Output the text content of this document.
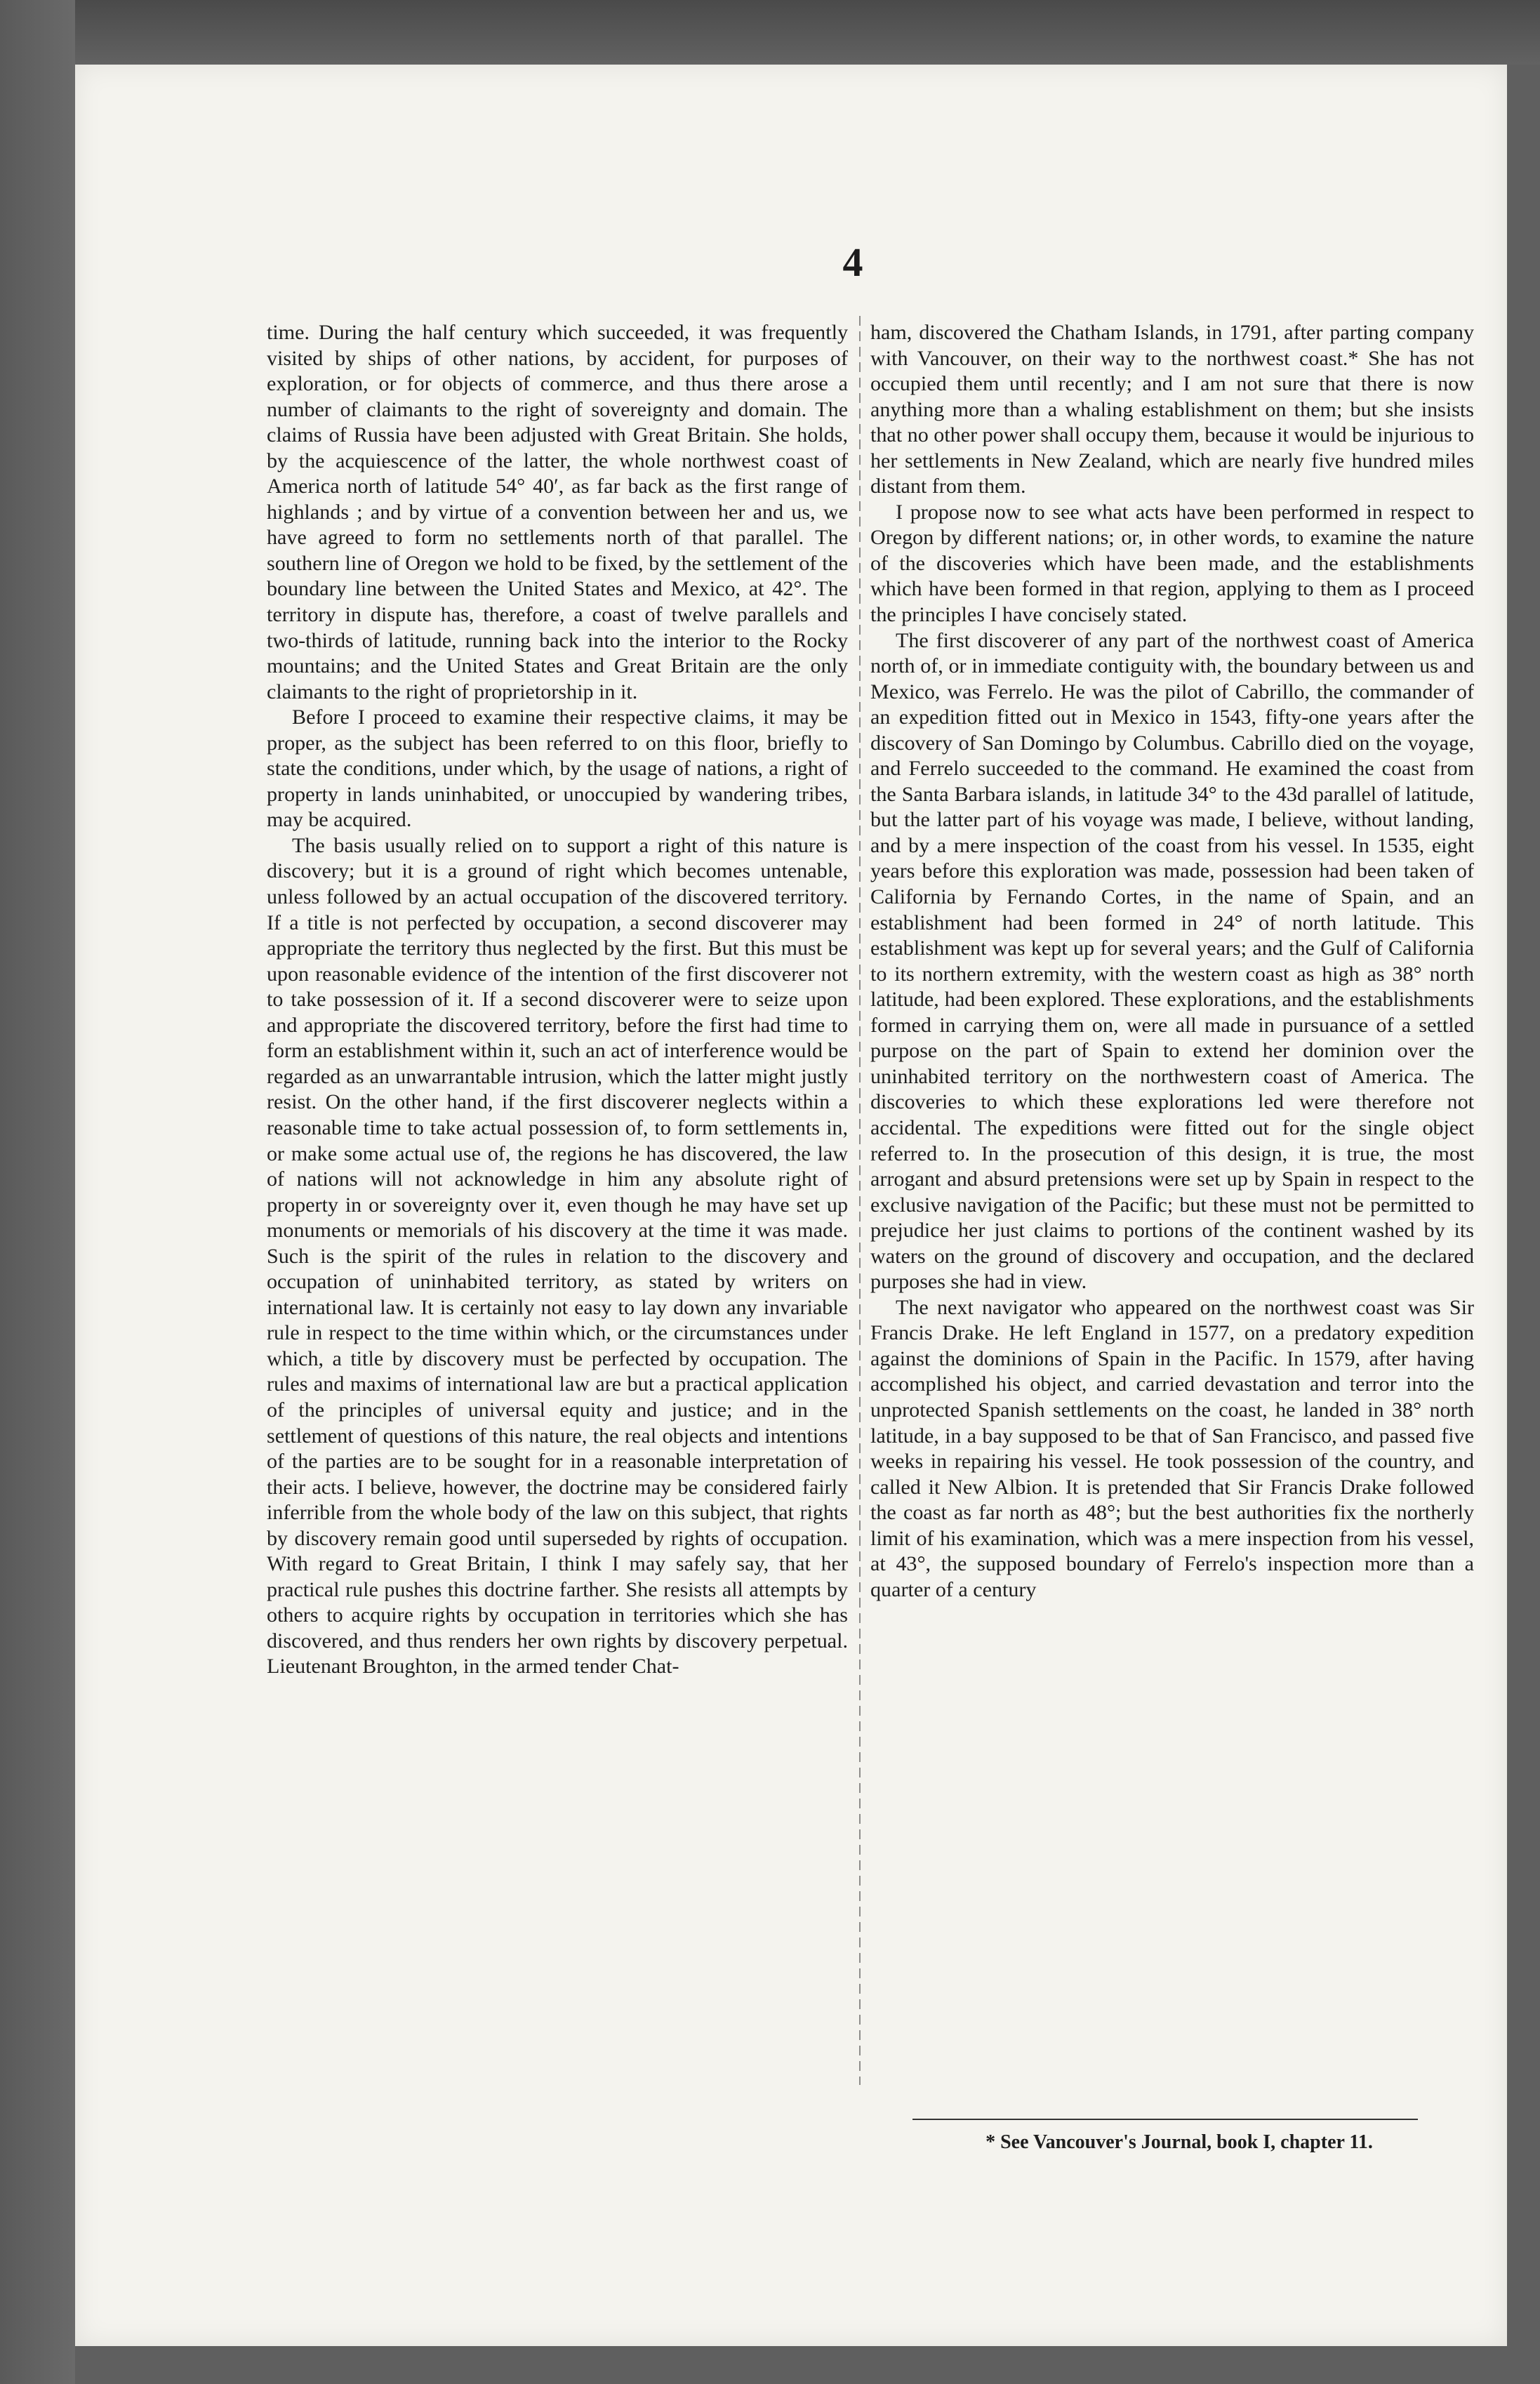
4

time. During the half century which succeeded, it was frequently visited by ships of other nations, by accident, for purposes of exploration, or for objects of commerce, and thus there arose a number of claimants to the right of sovereignty and domain. The claims of Russia have been adjusted with Great Britain. She holds, by the acquiescence of the latter, the whole northwest coast of America north of latitude 54° 40′, as far back as the first range of highlands ; and by virtue of a convention between her and us, we have agreed to form no settlements north of that parallel. The southern line of Oregon we hold to be fixed, by the settlement of the boundary line between the United States and Mexico, at 42°. The territory in dispute has, therefore, a coast of twelve parallels and two-thirds of latitude, running back into the interior to the Rocky mountains; and the United States and Great Britain are the only claimants to the right of proprietorship in it.

Before I proceed to examine their respective claims, it may be proper, as the subject has been referred to on this floor, briefly to state the conditions, under which, by the usage of nations, a right of property in lands uninhabited, or unoccupied by wandering tribes, may be acquired.

The basis usually relied on to support a right of this nature is discovery; but it is a ground of right which becomes untenable, unless followed by an actual occupation of the discovered territory. If a title is not perfected by occupation, a second discoverer may appropriate the territory thus neglected by the first. But this must be upon reasonable evidence of the intention of the first discoverer not to take possession of it. If a second discoverer were to seize upon and appropriate the discovered territory, before the first had time to form an establishment within it, such an act of interference would be regarded as an unwarrantable intrusion, which the latter might justly resist. On the other hand, if the first discoverer neglects within a reasonable time to take actual possession of, to form settlements in, or make some actual use of, the regions he has discovered, the law of nations will not acknowledge in him any absolute right of property in or sovereignty over it, even though he may have set up monuments or memorials of his discovery at the time it was made. Such is the spirit of the rules in relation to the discovery and occupation of uninhabited territory, as stated by writers on international law. It is certainly not easy to lay down any invariable rule in respect to the time within which, or the circumstances under which, a title by discovery must be perfected by occupation. The rules and maxims of international law are but a practical application of the principles of universal equity and justice; and in the settlement of questions of this nature, the real objects and intentions of the parties are to be sought for in a reasonable interpretation of their acts. I believe, however, the doctrine may be considered fairly inferrible from the whole body of the law on this subject, that rights by discovery remain good until superseded by rights of occupation. With regard to Great Britain, I think I may safely say, that her practical rule pushes this doctrine farther. She resists all attempts by others to acquire rights by occupation in territories which she has discovered, and thus renders her own rights by discovery perpetual. Lieutenant Broughton, in the armed tender Chat-

ham, discovered the Chatham Islands, in 1791, after parting company with Vancouver, on their way to the northwest coast.* She has not occupied them until recently; and I am not sure that there is now anything more than a whaling establishment on them; but she insists that no other power shall occupy them, because it would be injurious to her settlements in New Zealand, which are nearly five hundred miles distant from them.

I propose now to see what acts have been performed in respect to Oregon by different nations; or, in other words, to examine the nature of the discoveries which have been made, and the establishments which have been formed in that region, applying to them as I proceed the principles I have concisely stated.

The first discoverer of any part of the northwest coast of America north of, or in immediate contiguity with, the boundary between us and Mexico, was Ferrelo. He was the pilot of Cabrillo, the commander of an expedition fitted out in Mexico in 1543, fifty-one years after the discovery of San Domingo by Columbus. Cabrillo died on the voyage, and Ferrelo succeeded to the command. He examined the coast from the Santa Barbara islands, in latitude 34° to the 43d parallel of latitude, but the latter part of his voyage was made, I believe, without landing, and by a mere inspection of the coast from his vessel. In 1535, eight years before this exploration was made, possession had been taken of California by Fernando Cortes, in the name of Spain, and an establishment had been formed in 24° of north latitude. This establishment was kept up for several years; and the Gulf of California to its northern extremity, with the western coast as high as 38° north latitude, had been explored. These explorations, and the establishments formed in carrying them on, were all made in pursuance of a settled purpose on the part of Spain to extend her dominion over the uninhabited territory on the northwestern coast of America. The discoveries to which these explorations led were therefore not accidental. The expeditions were fitted out for the single object referred to. In the prosecution of this design, it is true, the most arrogant and absurd pretensions were set up by Spain in respect to the exclusive navigation of the Pacific; but these must not be permitted to prejudice her just claims to portions of the continent washed by its waters on the ground of discovery and occupation, and the declared purposes she had in view.

The next navigator who appeared on the northwest coast was Sir Francis Drake. He left England in 1577, on a predatory expedition against the dominions of Spain in the Pacific. In 1579, after having accomplished his object, and carried devastation and terror into the unprotected Spanish settlements on the coast, he landed in 38° north latitude, in a bay supposed to be that of San Francisco, and passed five weeks in repairing his vessel. He took possession of the country, and called it New Albion. It is pretended that Sir Francis Drake followed the coast as far north as 48°; but the best authorities fix the northerly limit of his examination, which was a mere inspection from his vessel, at 43°, the supposed boundary of Ferrelo's inspection more than a quarter of a century

* See Vancouver's Journal, book I, chapter 11.
